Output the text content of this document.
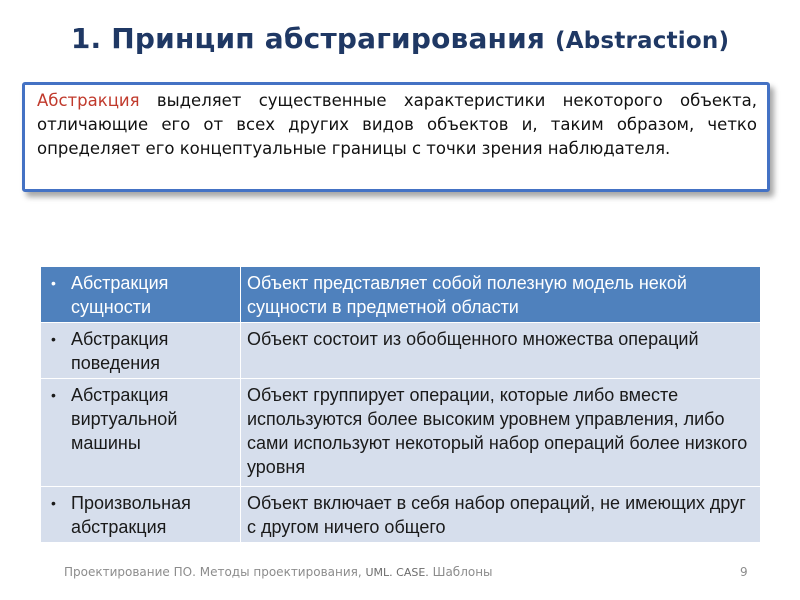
1. Принцип абстрагирования (Abstraction)
Абстракция выделяет существенные характеристики некоторого объекта, отличающие его от всех других видов объектов и, таким образом, четко определяет его концептуальные границы с точки зрения наблюдателя.
• Абстракция сущности	Объект представляет собой полезную модель некой сущности в предметной области

• Абстракция поведения	Объект состоит из обобщенного множества операций

• Абстракция виртуальной машины	Объект группирует операции, которые либо вместе используются более высоким уровнем управления, либо сами используют некоторый набор операций более низкого уровня

• Произвольная абстракция	Объект включает в себя набор операций, не имеющих друг с другом ничего общего
Проектирование ПО. Методы проектирования, UML. CASE. Шаблоны	9
